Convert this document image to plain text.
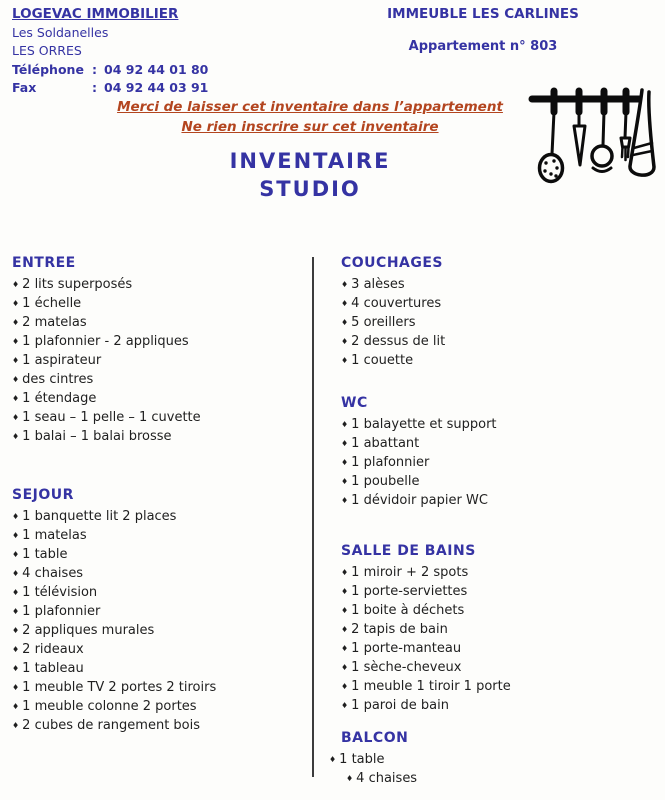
LOGEVAC IMMOBILIER
Les Soldanelles
LES ORRES
Téléphone : 04 92 44 01 80
Fax	: 04 92 44 03 91
IMMEUBLE LES CARLINES
Appartement n° 803
Merci de laisser cet inventaire dans l’appartement
Ne rien inscrire sur cet inventaire
INVENTAIRE
STUDIO
ENTREE
♦ 2 lits superposés
♦ 1 échelle
♦ 2 matelas
♦ 1 plafonnier - 2 appliques
♦ 1 aspirateur
♦ des cintres
♦ 1 étendage
♦ 1 seau – 1 pelle – 1 cuvette
♦ 1 balai – 1 balai brosse
SEJOUR
♦ 1 banquette lit 2 places
♦ 1 matelas
♦ 1 table
♦ 4 chaises
♦ 1 télévision
♦ 1 plafonnier
♦ 2 appliques murales
♦ 2 rideaux
♦ 1 tableau
♦ 1 meuble TV 2 portes 2 tiroirs
♦ 1 meuble colonne 2 portes
♦ 2 cubes de rangement bois
COUCHAGES
♦ 3 alèses
♦ 4 couvertures
♦ 5 oreillers
♦ 2 dessus de lit
♦ 1 couette
WC
♦ 1 balayette et support
♦ 1 abattant
♦ 1 plafonnier
♦ 1 poubelle
♦ 1 dévidoir papier WC
SALLE DE BAINS
♦ 1 miroir + 2 spots
♦ 1 porte-serviettes
♦ 1 boite à déchets
♦ 2 tapis de bain
♦ 1 porte-manteau
♦ 1 sèche-cheveux
♦ 1 meuble 1 tiroir 1 porte
♦ 1 paroi de bain
BALCON
♦ 1 table
♦ 4 chaises
